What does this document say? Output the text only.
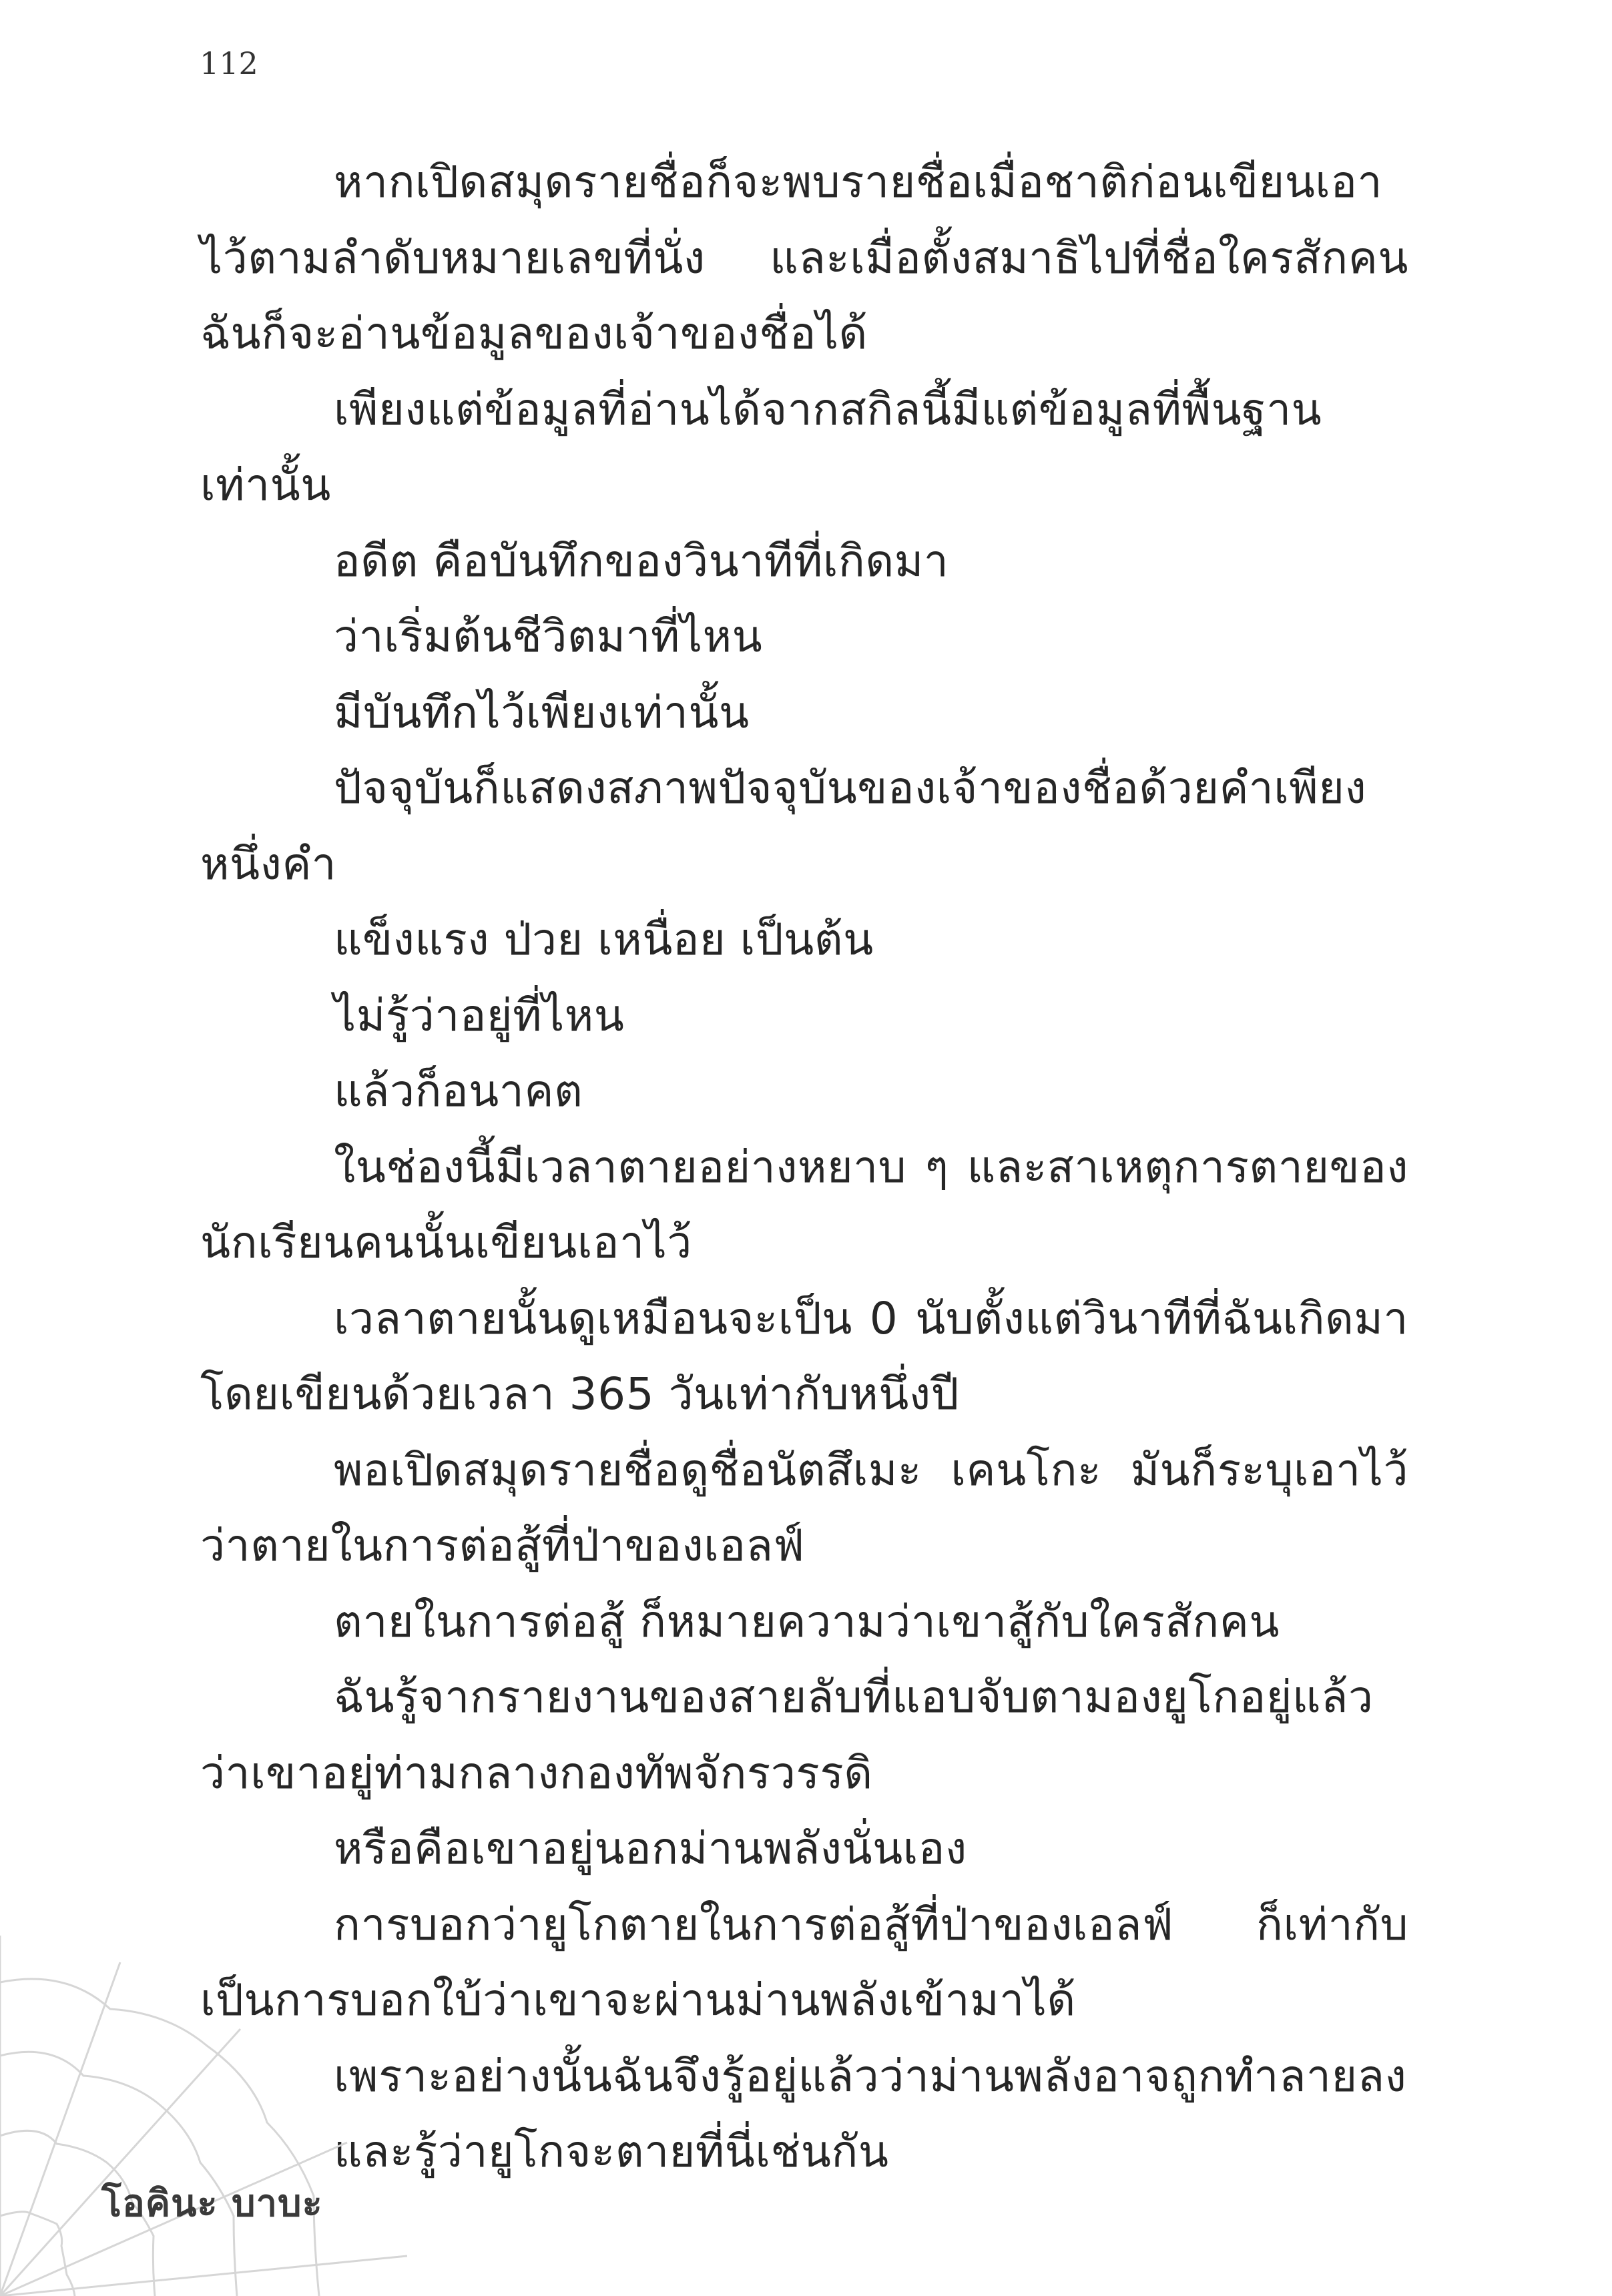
112

หากเปิดสมุดรายชื่อก็จะพบรายชื่อเมื่อชาติก่อนเขียนเอาไว้ตามลำดับหมายเลขที่นั่ง และเมื่อตั้งสมาธิไปที่ชื่อใครสักคน ฉันก็จะอ่านข้อมูลของเจ้าของชื่อได้

เพียงแต่ข้อมูลที่อ่านได้จากสกิลนี้มีแต่ข้อมูลที่พื้นฐานเท่านั้น

อดีต คือบันทึกของวินาทีที่เกิดมา

ว่าเริ่มต้นชีวิตมาที่ไหน

มีบันทึกไว้เพียงเท่านั้น

ปัจจุบันก็แสดงสภาพปัจจุบันของเจ้าของชื่อด้วยคำเพียงหนึ่งคำ

แข็งแรง ป่วย เหนื่อย เป็นต้น

ไม่รู้ว่าอยู่ที่ไหน

แล้วก็อนาคต

ในช่องนี้มีเวลาตายอย่างหยาบ ๆ และสาเหตุการตายของนักเรียนคนนั้นเขียนเอาไว้

เวลาตายนั้นดูเหมือนจะเป็น 0 นับตั้งแต่วินาทีที่ฉันเกิดมาโดยเขียนด้วยเวลา 365 วันเท่ากับหนึ่งปี

พอเปิดสมุดรายชื่อดูชื่อนัตสึเมะ เคนโกะ มันก็ระบุเอาไว้ว่าตายในการต่อสู้ที่ป่าของเอลฟ์

ตายในการต่อสู้ ก็หมายความว่าเขาสู้กับใครสักคน

ฉันรู้จากรายงานของสายลับที่แอบจับตามองยูโกอยู่แล้วว่าเขาอยู่ท่ามกลางกองทัพจักรวรรดิ

หรือคือเขาอยู่นอกม่านพลังนั่นเอง

การบอกว่ายูโกตายในการต่อสู้ที่ป่าของเอลฟ์ ก็เท่ากับเป็นการบอกใบ้ว่าเขาจะผ่านม่านพลังเข้ามาได้

เพราะอย่างนั้นฉันจึงรู้อยู่แล้วว่าม่านพลังอาจถูกทำลายลง

และรู้ว่ายูโกจะตายที่นี่เช่นกัน

โอคินะ บาบะ
